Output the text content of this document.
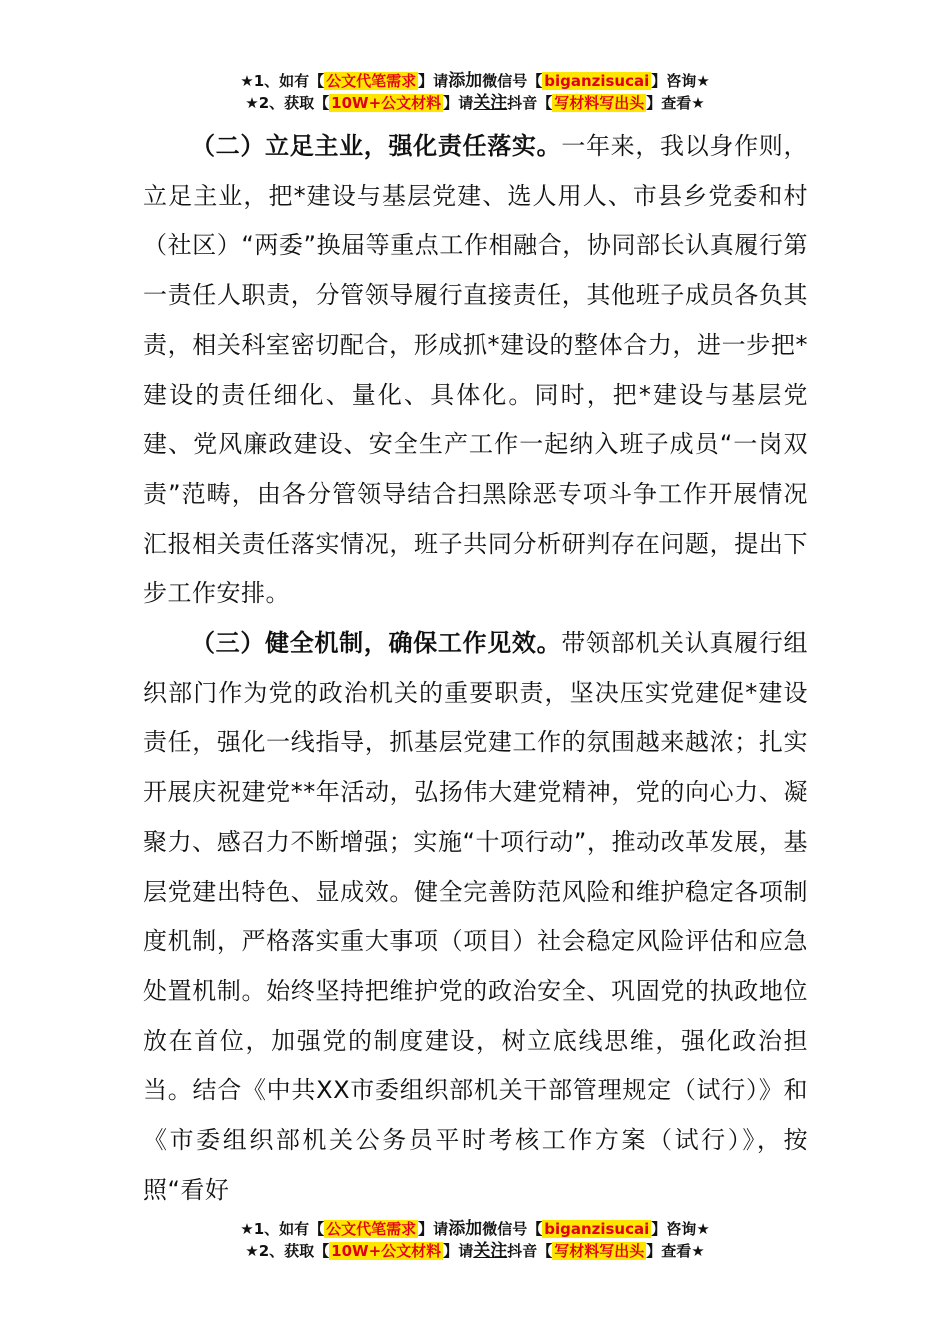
★1、如有【 公文代笔需求 】请添加微信号【 biganzisucai 】咨询★
★2、获取【 10W+公文材料 】请关注抖音【 写材料写出头 】查看★

（二）立足主业，强化责任落实。一年来，我以身作则，立足主业，把*建设与基层党建、选人用人、市县乡党委和村（社区）“两委”换届等重点工作相融合，协同部长认真履行第一责任人职责，分管领导履行直接责任，其他班子成员各负其责，相关科室密切配合，形成抓*建设的整体合力，进一步把*建设的责任细化、量化、具体化。同时，把*建设与基层党建、党风廉政建设、安全生产工作一起纳入班子成员“一岗双责”范畴，由各分管领导结合扫黑除恶专项斗争工作开展情况汇报相关责任落实情况，班子共同分析研判存在问题，提出下步工作安排。

（三）健全机制，确保工作见效。带领部机关认真履行组织部门作为党的政治机关的重要职责，坚决压实党建促*建设责任，强化一线指导，抓基层党建工作的氛围越来越浓；扎实开展庆祝建党**年活动，弘扬伟大建党精神，党的向心力、凝聚力、感召力不断增强；实施“十项行动”，推动改革发展，基层党建出特色、显成效。健全完善防范风险和维护稳定各项制度机制，严格落实重大事项（项目）社会稳定风险评估和应急处置机制。始终坚持把维护党的政治安全、巩固党的执政地位放在首位，加强党的制度建设，树立底线思维，强化政治担当。结合《中共XX市委组织部机关干部管理规定（试行）》和《市委组织部机关公务员平时考核工作方案（试行）》，按照“看好

★1、如有【 公文代笔需求 】请添加微信号【 biganzisucai 】咨询★
★2、获取【 10W+公文材料 】请关注抖音【 写材料写出头 】查看★
